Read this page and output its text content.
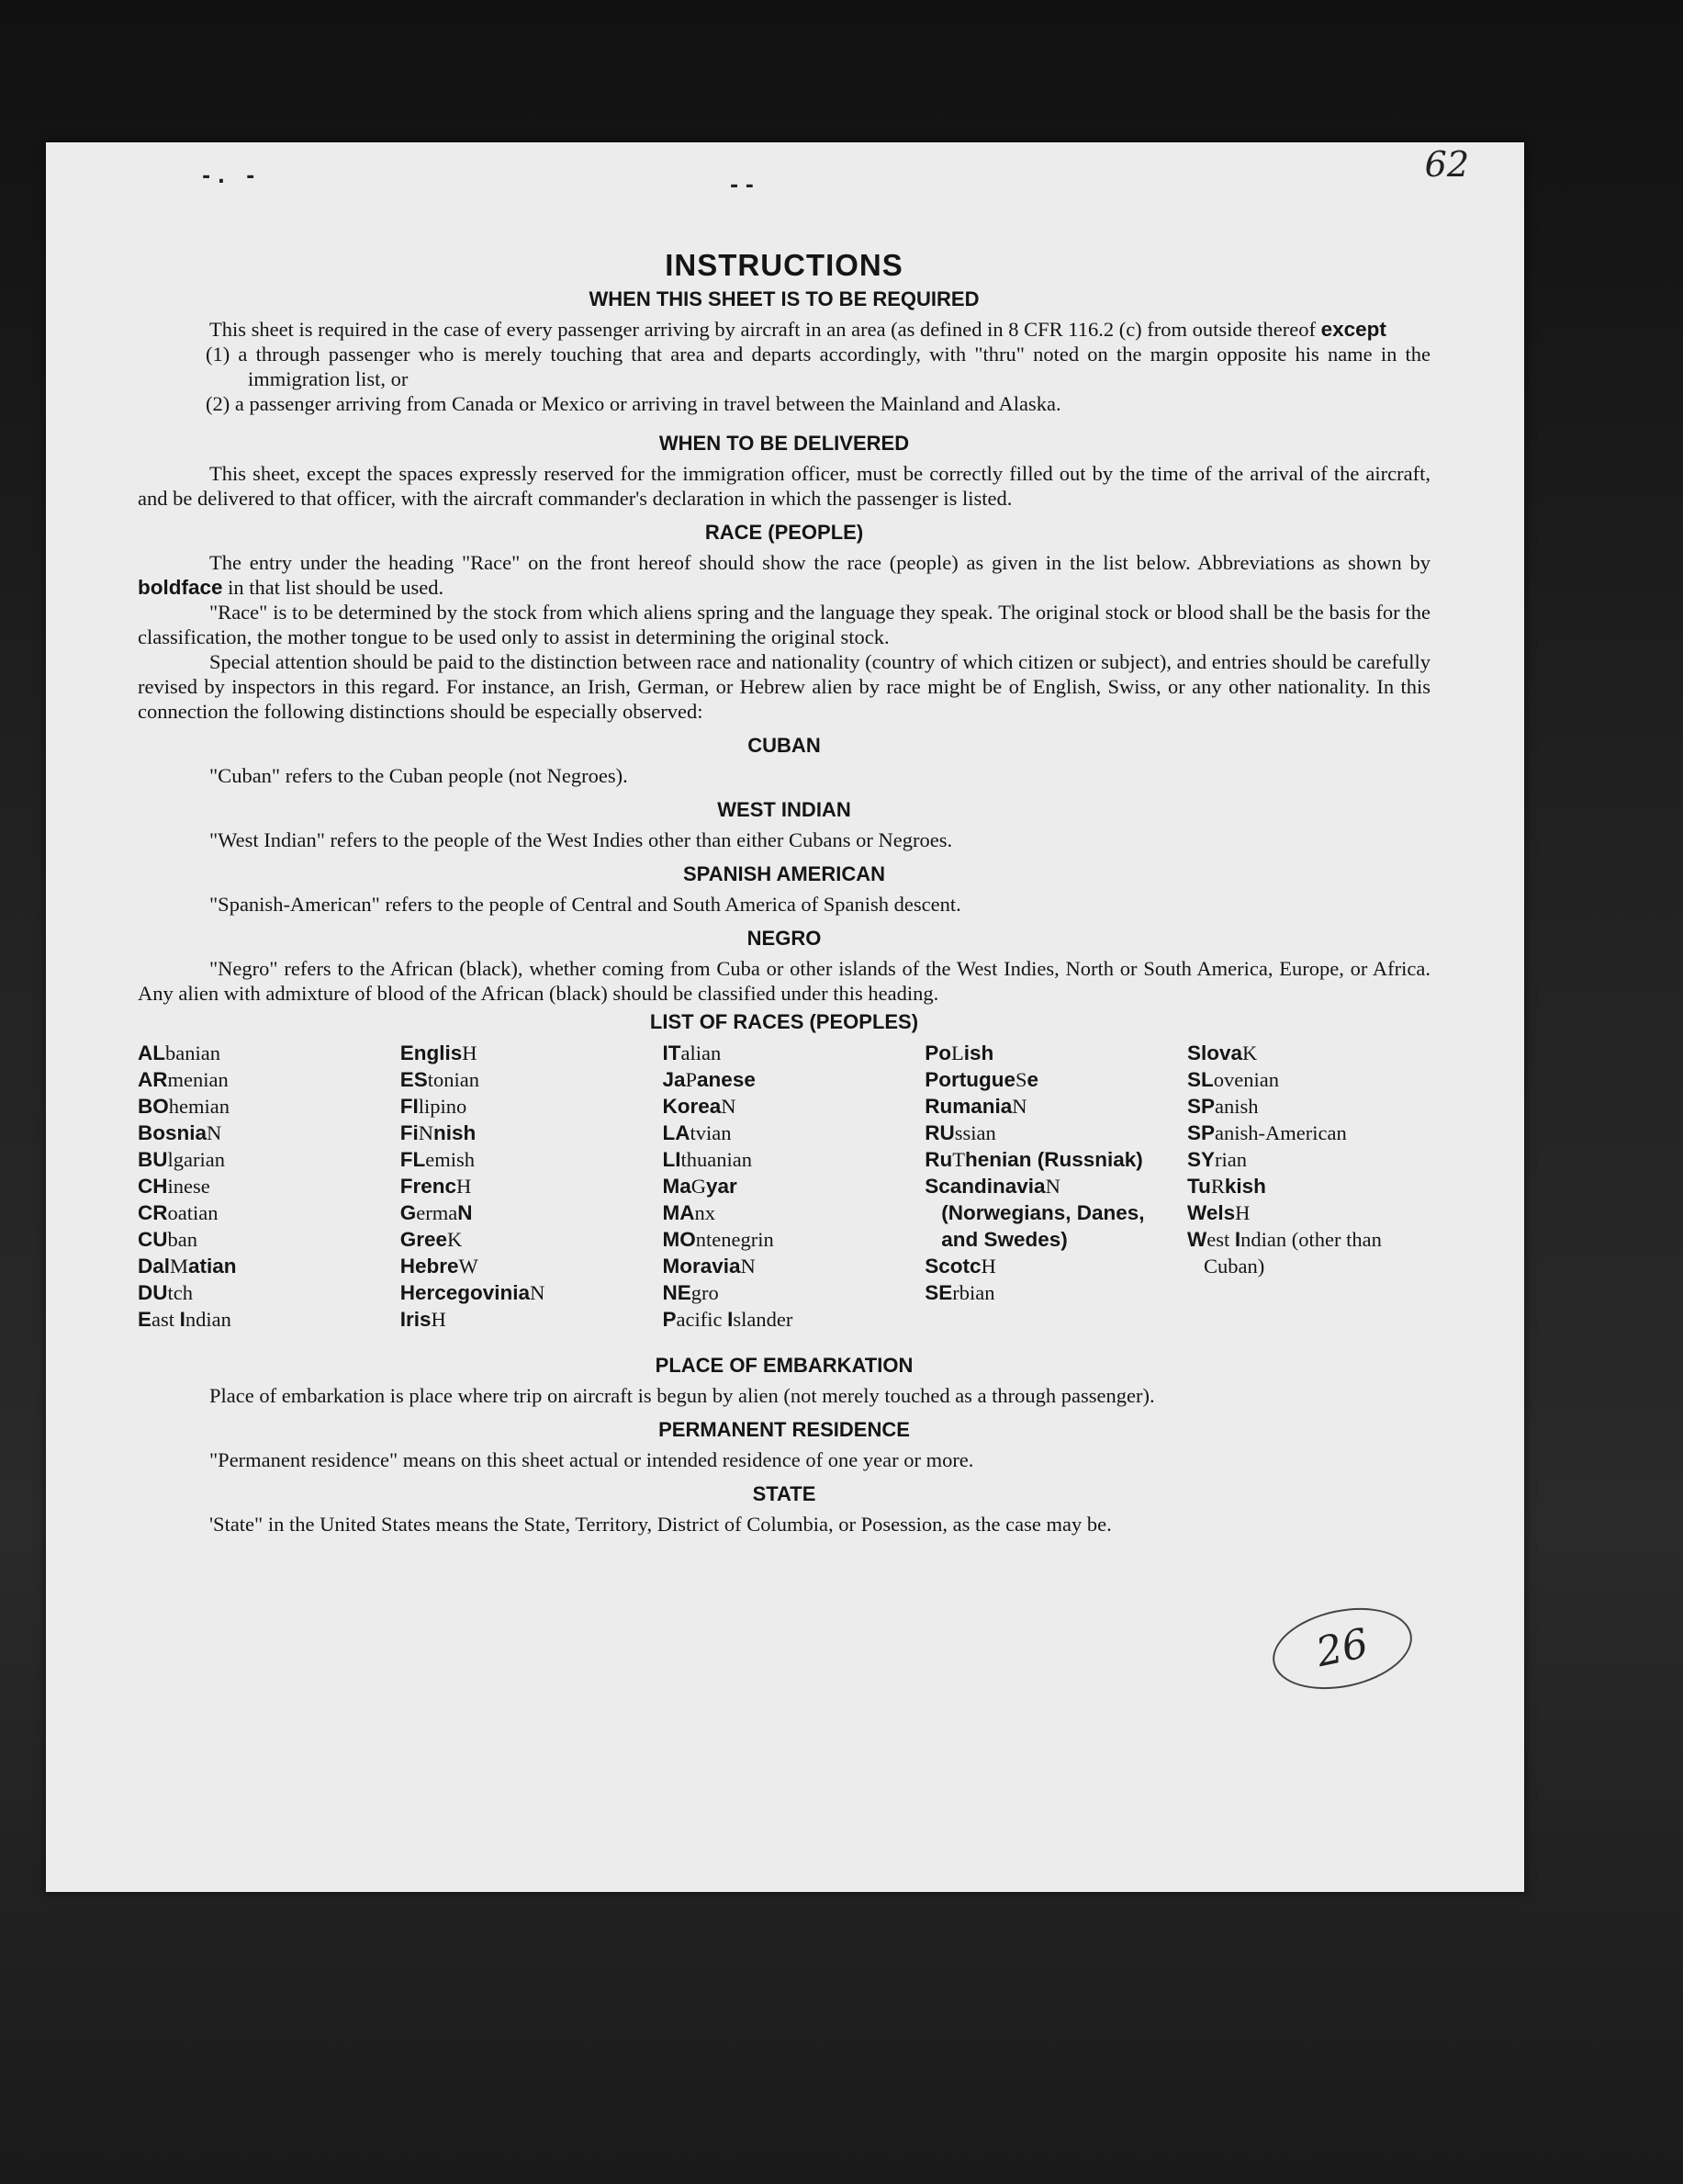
- .   -	- -
62
INSTRUCTIONS
WHEN THIS SHEET IS TO BE REQUIRED

This sheet is required in the case of every passenger arriving by aircraft in an area (as defined in 8 CFR 116.2 (c) from outside thereof except

(1) a through passenger who is merely touching that area and departs accordingly, with "thru" noted on the margin opposite his name in the immigration list, or

(2) a passenger arriving from Canada or Mexico or arriving in travel between the Mainland and Alaska.

WHEN TO BE DELIVERED

This sheet, except the spaces expressly reserved for the immigration officer, must be correctly filled out by the time of the arrival of the aircraft, and be delivered to that officer, with the aircraft commander's declaration in which the passenger is listed.

RACE (PEOPLE)

The entry under the heading "Race" on the front hereof should show the race (people) as given in the list below. Abbreviations as shown by boldface in that list should be used.

"Race" is to be determined by the stock from which aliens spring and the language they speak. The original stock or blood shall be the basis for the classification, the mother tongue to be used only to assist in determining the original stock.

Special attention should be paid to the distinction between race and nationality (country of which citizen or subject), and entries should be carefully revised by inspectors in this regard. For instance, an Irish, German, or Hebrew alien by race might be of English, Swiss, or any other nationality. In this connection the following distinctions should be especially observed:

CUBAN

"Cuban" refers to the Cuban people (not Negroes).

WEST INDIAN

"West Indian" refers to the people of the West Indies other than either Cubans or Negroes.

SPANISH AMERICAN

"Spanish-American" refers to the people of Central and South America of Spanish descent.

NEGRO

"Negro" refers to the African (black), whether coming from Cuba or other islands of the West Indies, North or South America, Europe, or Africa. Any alien with admixture of blood of the African (black) should be classified under this heading.

LIST OF RACES (PEOPLES)
ALbanian
ARmenian
BOhemian
BosniaN
BUlgarian
CHinese
CRoatian
CUban
DalMatian
DUtch
East Indian
EnglisH
EStonian
FIlipino
FiNnish
FLemish
FrencH
GermaN
GreeK
HebreW
HercegoviniaN
IrisH
ITalian
JaPanese
KoreaN
LAtvian
LIthuanian
MaGyar
MAnx
MOntenegrin
MoraviaN
NEgro
Pacific Islander
PoLish
PortugueSe
RumaniaN
RUssian
RuThenian (Russniak)
ScandinaviaN (Norwegians, Danes, and Swedes)
ScotcH
SErbian
SlovaK
SLovenian
SPanish
SPanish-American
SYrian
TuRkish
WelsH
West Indian (other than Cuban)
PLACE OF EMBARKATION

Place of embarkation is place where trip on aircraft is begun by alien (not merely touched as a through passenger).

PERMANENT RESIDENCE

"Permanent residence" means on this sheet actual or intended residence of one year or more.

STATE

'State" in the United States means the State, Territory, District of Columbia, or Posession, as the case may be.

26
